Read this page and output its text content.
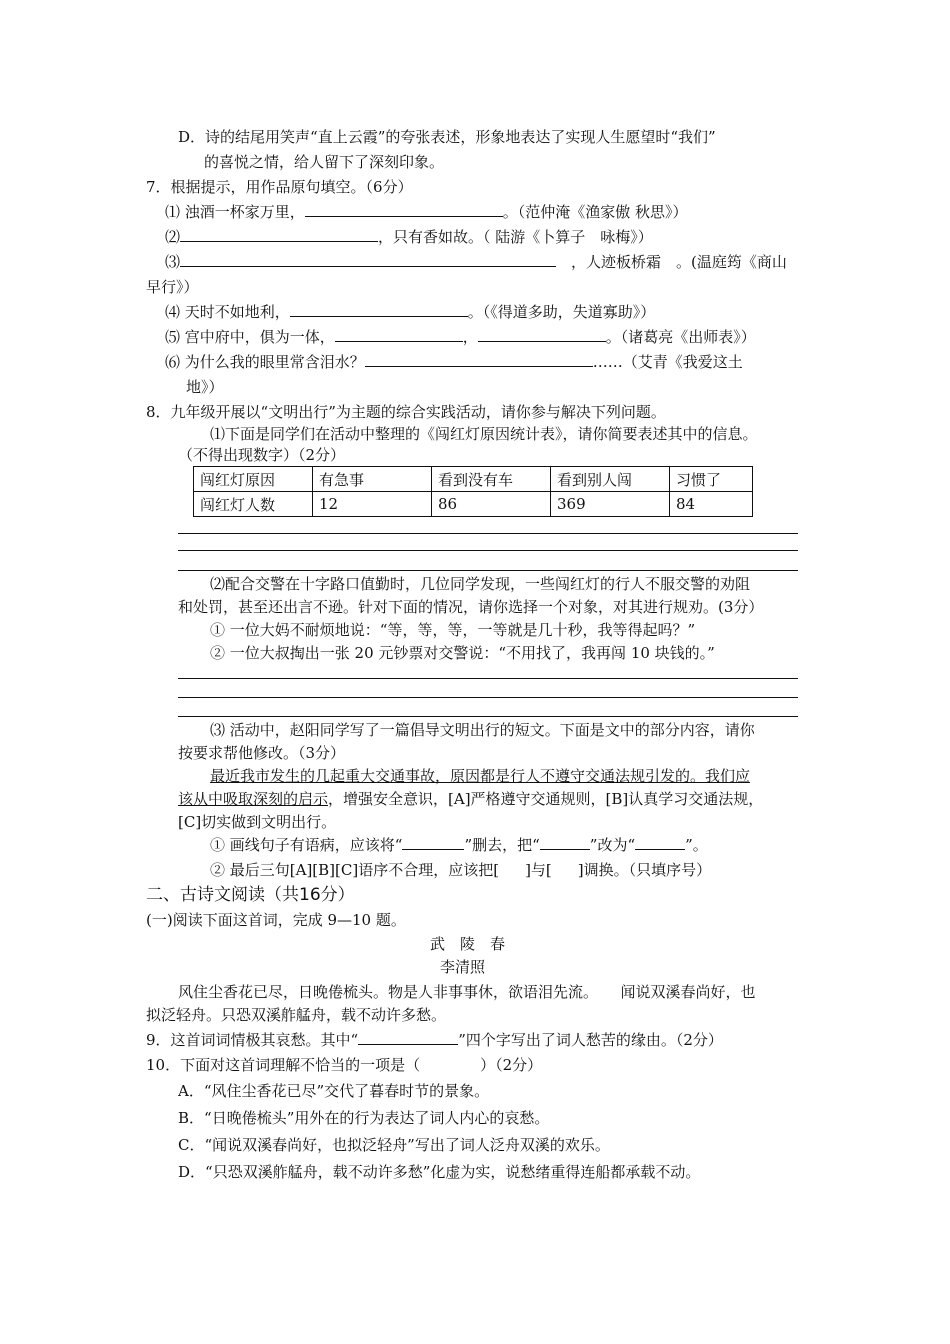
D．诗的结尾用笑声“直上云霞”的夸张表述，形象地表达了实现人生愿望时“我们”
的喜悦之情，给人留下了深刻印象。
7．根据提示，用作品原句填空。（6分）
⑴ 浊酒一杯家万里，	。（范仲淹《渔家傲 秋思》）
⑵	，只有香如故。（ 陆游《卜算子　咏梅》）
⑶　	，人迹板桥霜　。(温庭筠《商山
早行》）
⑷ 天时不如地利，	。（《得道多助，失道寡助》）
⑸ 宫中府中，俱为一体，	，	。（诸葛亮《出师表》）
⑹ 为什么我的眼里常含泪水？	……（艾青《我爱这土
地》）
8．九年级开展以“文明出行”为主题的综合实践活动，请你参与解决下列问题。
⑴下面是同学们在活动中整理的《闯红灯原因统计表》，请你简要表述其中的信息。
（不得出现数字）（2分）
闯红灯原因	有急事	看到没有车	看到别人闯	习惯了
闯红灯人数	12	86	369	84
⑵配合交警在十字路口值勤时，几位同学发现，一些闯红灯的行人不服交警的劝阻
和处罚，甚至还出言不逊。针对下面的情况，请你选择一个对象，对其进行规劝。(3分）
① 一位大妈不耐烦地说：“等，等，等，一等就是几十秒，我等得起吗？”
② 一位大叔掏出一张 20 元钞票对交警说：“不用找了，我再闯 10 块钱的。”
⑶ 活动中，赵阳同学写了一篇倡导文明出行的短文。下面是文中的部分内容，请你
按要求帮他修改。（3分）
最近我市发生的几起重大交通事故，原因都是行人不遵守交通法规引发的。我们应
该从中吸取深刻的启示，增强安全意识，[A]严格遵守交通规则，[B]认真学习交通法规，
[C]切实做到文明出行。
① 画线句子有语病，应该将“	”删去，把“	”改为“	”。
② 最后三句[A][B][C]语序不合理，应该把[ ]与[ ]调换。（只填序号）
二、古诗文阅读（共16分）
(一)阅读下面这首词，完成 9—10 题。
武　陵　春
李清照
风住尘香花已尽，日晚倦梳头。物是人非事事休，欲语泪先流。　　闻说双溪春尚好，也
拟泛轻舟。只恐双溪舴艋舟，载不动许多愁。
9．这首词词情极其哀愁。其中“	”四个字写出了词人愁苦的缘由。（2分）
10．下面对这首词理解不恰当的一项是（	）（2分）
A．“风住尘香花已尽”交代了暮春时节的景象。
B．“日晚倦梳头”用外在的行为表达了词人内心的哀愁。
C．“闻说双溪春尚好，也拟泛轻舟”写出了词人泛舟双溪的欢乐。
D．“只恐双溪舴艋舟，载不动许多愁”化虚为实，说愁绪重得连船都承载不动。
